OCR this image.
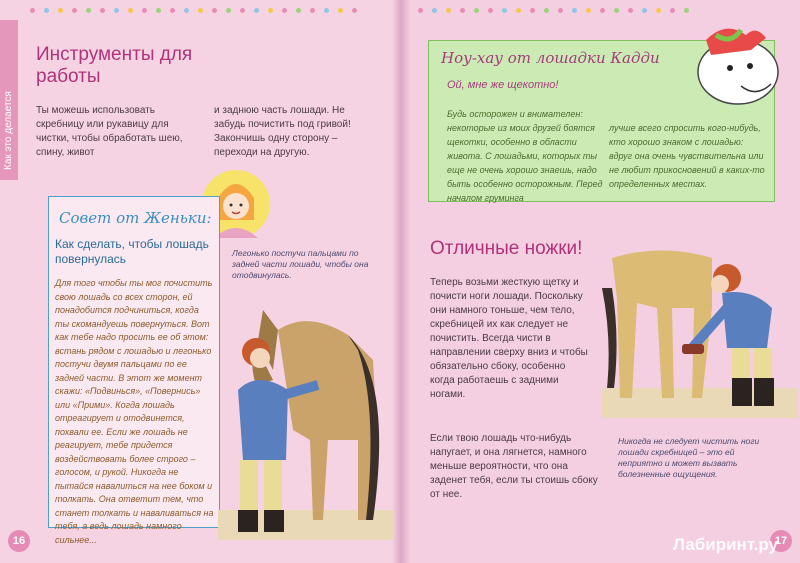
Как это делается
Инструменты для
работы
Ты можешь использовать скребницу или рукавицу для чистки, чтобы обработать шею, спину, живот
и заднюю часть лошади. Не забудь почистить под гривой! Закончишь одну сторону – переходи на другую.
Совет от Женьки:
Как сделать, чтобы лошадь повернулась
Для того чтобы ты мог почистить свою лошадь со всех сторон, ей понадобится подчиниться, когда ты скомандуешь повернуться. Вот как тебе надо просить ее об этом: встань рядом с лошадью и легонько постучи двумя пальцами по ее задней части. В этот же момент скажи: «Подвинься», «Повернись» или «Прими». Когда лошадь отреагирует и отодвинется, похвали ее. Если же лошадь не реагирует, тебе придется воздействовать более строго – голосом, и рукой. Никогда не пытайся навалиться на нее боком и толкать. Она ответит тем, что станет толкать и наваливаться на тебя, а ведь лошадь намного сильнее...
Легонько постучи пальцами по задней части лошади, чтобы она отодвинулась.
16
Ноу-хау от лошадки Кадди
Ой, мне же щекотно!
Будь осторожен и внимателен: некоторые из моих друзей боятся щекотки, особенно в области живота. С лошадьми, которых ты еще не очень хорошо знаешь, надо быть особенно осторожным. Перед началом груминга
лучше всего спросить кого-нибудь, кто хорошо знаком с лошадью: вдруг она очень чувствительна или не любит прикосновений в каких-то определенных местах.
Отличные ножки!
Теперь возьми жесткую щетку и почисти ноги лошади. Поскольку они намного тоньше, чем тело, скребницей их как следует не почистить. Всегда чисти в направлении сверху вниз и чтобы обязательно сбоку, особенно когда работаешь с задними ногами.
Если твою лошадь что-нибудь напугает, и она лягнется, намного меньше вероятности, что она заденет тебя, если ты стоишь сбоку от нее.
Никогда не следует чистить ноги лошади скребницей – это ей неприятно и может вызвать болезненные ощущения.
17
Лабиринт.ру
